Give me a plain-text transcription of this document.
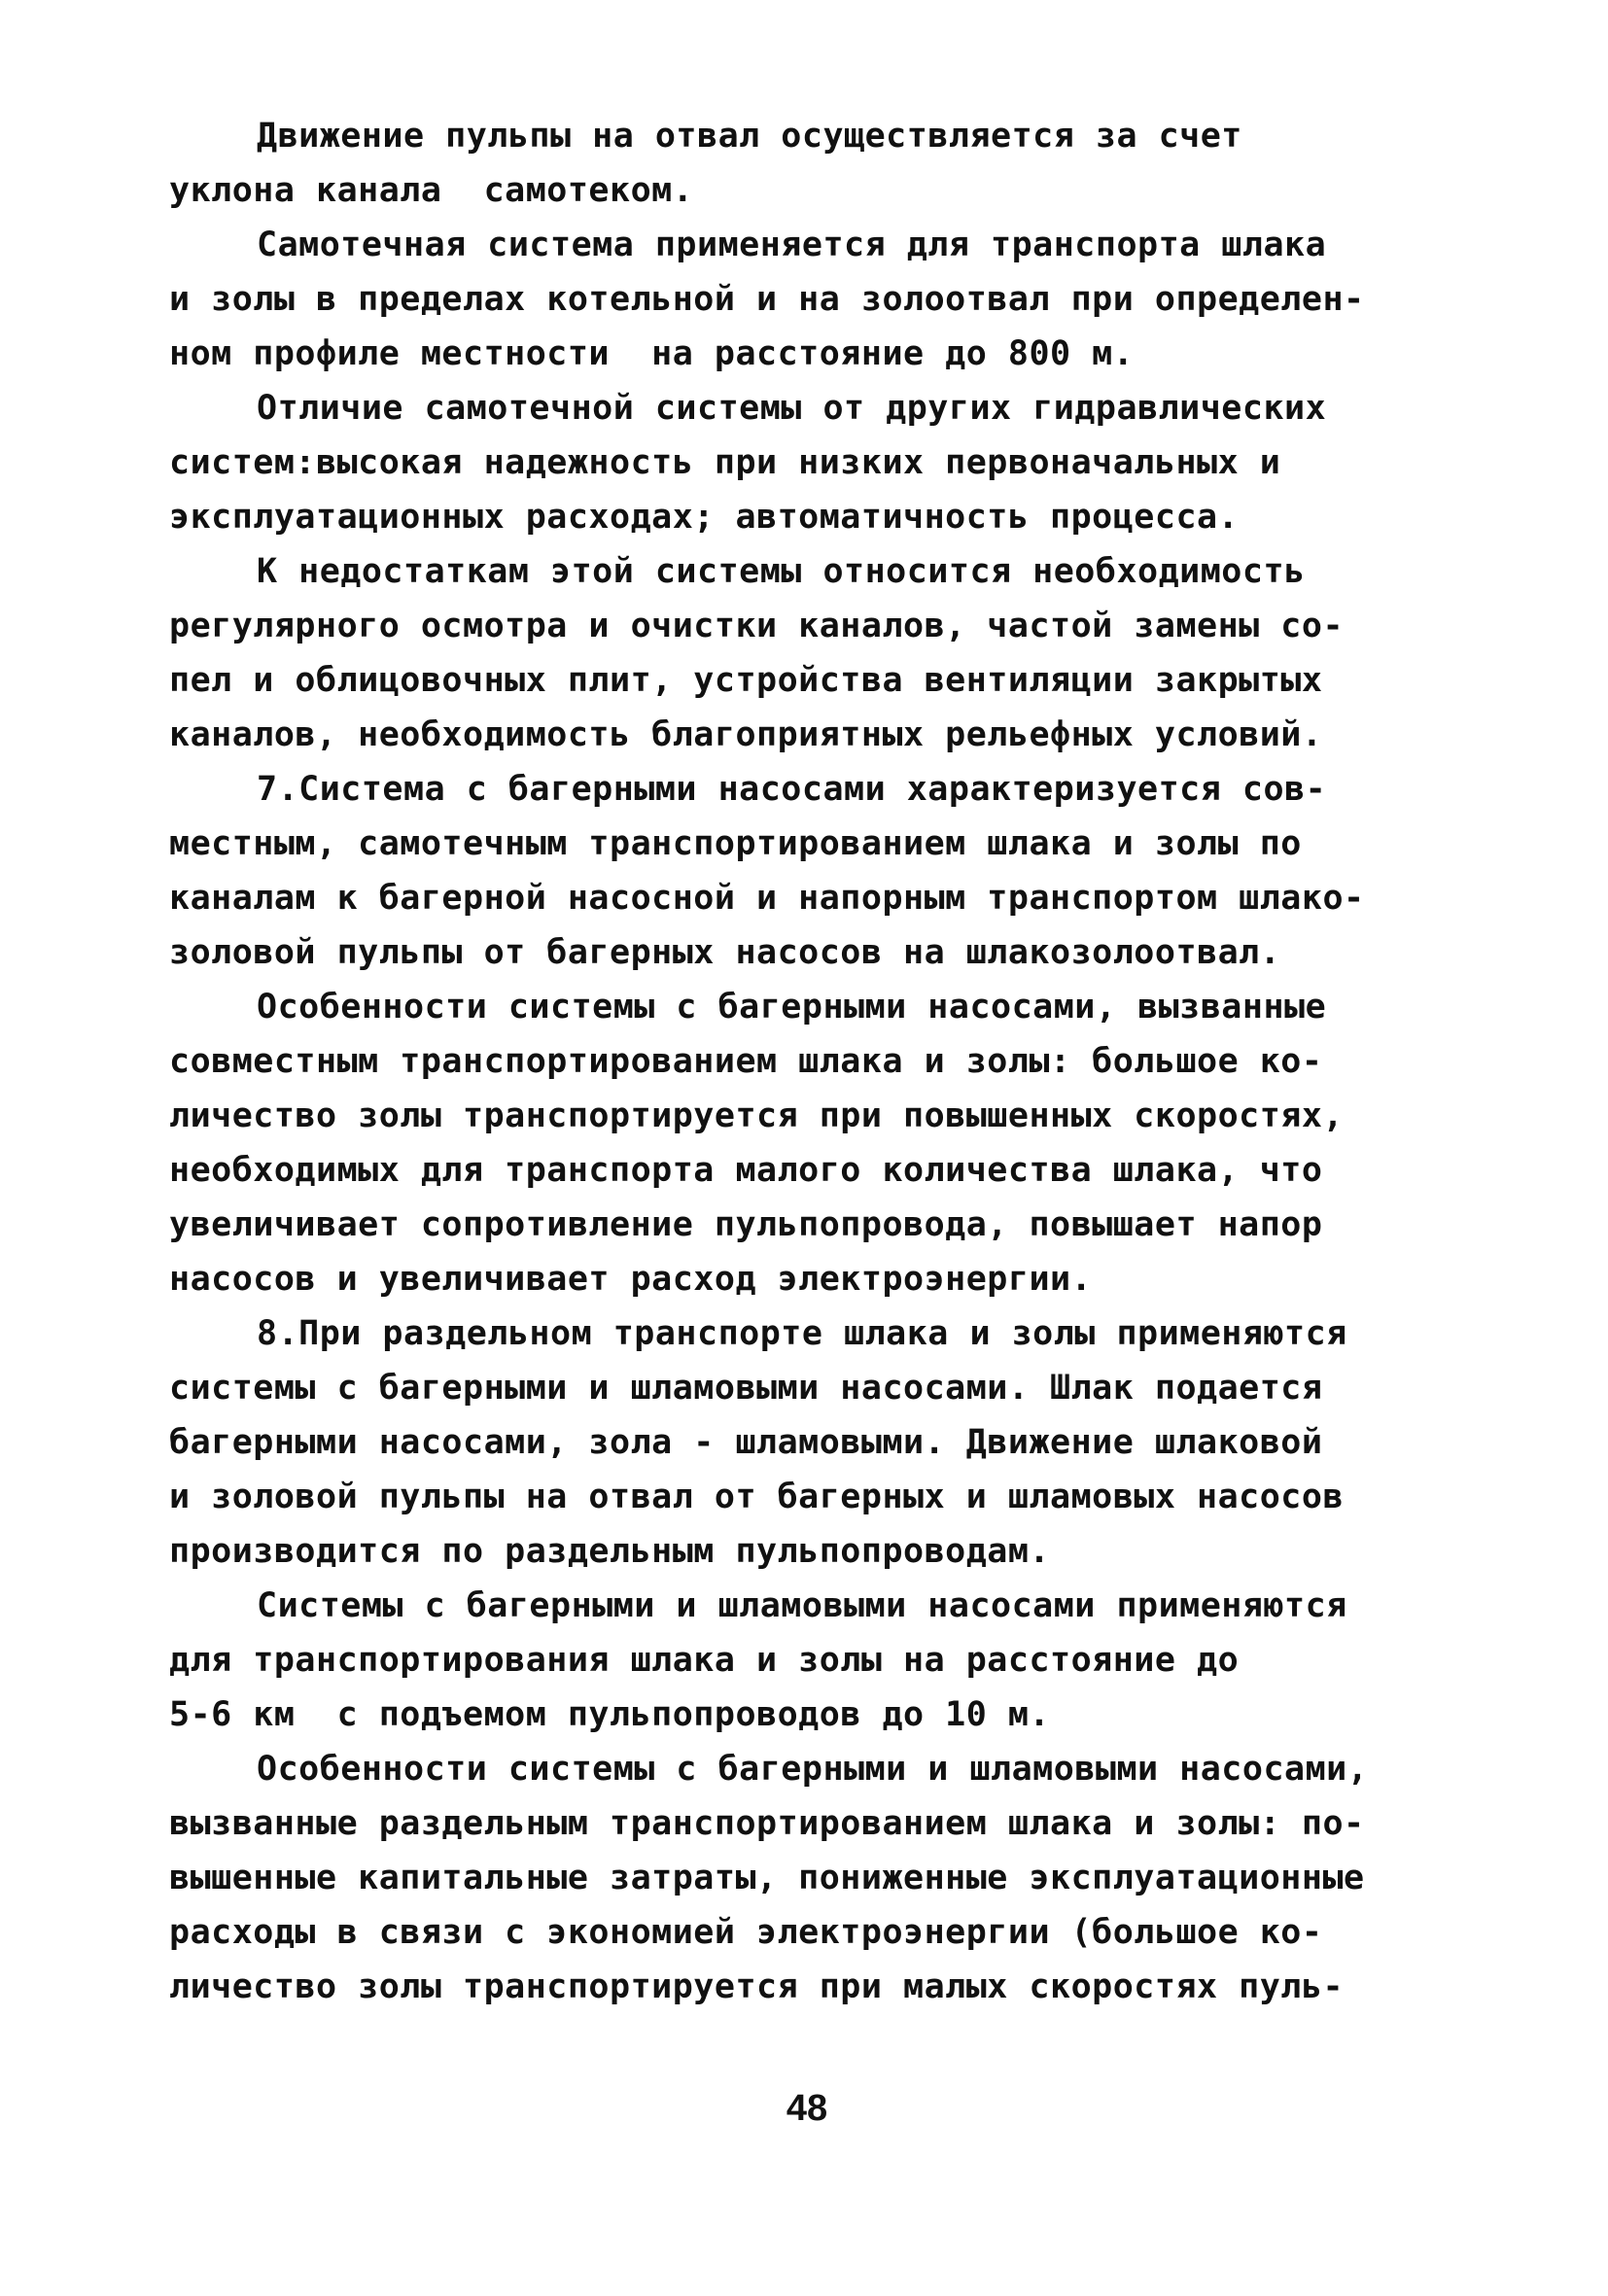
Движение пульпы на отвал осуществляется за счет
уклона канала  самотеком.
Самотечная система применяется для транспорта шлака
и золы в пределах котельной и на золоотвал при определен-
ном профиле местности  на расстояние до 800 м.
Отличие самотечной системы от других гидравлических
систем:высокая надежность при низких первоначальных и
эксплуатационных расходах; автоматичность процесса.
К недостаткам этой системы относится необходимость
регулярного осмотра и очистки каналов, частой замены со-
пел и облицовочных плит, устройства вентиляции закрытых
каналов, необходимость благоприятных рельефных условий.
7.Система с багерными насосами характеризуется сов-
местным, самотечным транспортированием шлака и золы по
каналам к багерной насосной и напорным транспортом шлако-
золовой пульпы от багерных насосов на шлакозолоотвал.
Особенности системы с багерными насосами, вызванные
совместным транспортированием шлака и золы: большое ко-
личество золы транспортируется при повышенных скоростях,
необходимых для транспорта малого количества шлака, что
увеличивает сопротивление пульпопровода, повышает напор
насосов и увеличивает расход электроэнергии.
8.При раздельном транспорте шлака и золы применяются
системы с багерными и шламовыми насосами. Шлак подается
багерными насосами, зола - шламовыми. Движение шлаковой
и золовой пульпы на отвал от багерных и шламовых насосов
производится по раздельным пульпопроводам.
Системы с багерными и шламовыми насосами применяются
для транспортирования шлака и золы на расстояние до
5-6 км  с подъемом пульпопроводов до 10 м.
Особенности системы с багерными и шламовыми насосами,
вызванные раздельным транспортированием шлака и золы: по-
вышенные капитальные затраты, пониженные эксплуатационные
расходы в связи с экономией электроэнергии (большое ко-
личество золы транспортируется при малых скоростях пуль-
48
